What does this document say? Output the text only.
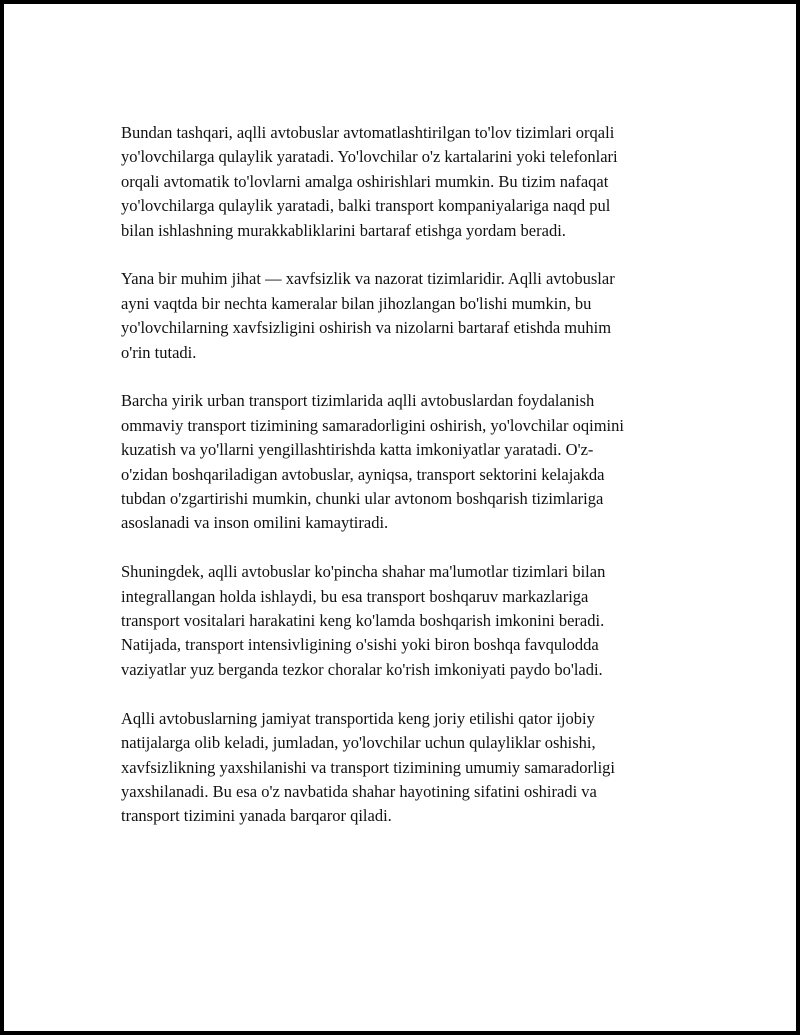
Bundan tashqari, aqlli avtobuslar avtomatlashtirilgan to'lov tizimlari orqali
yo'lovchilarga qulaylik yaratadi. Yo'lovchilar o'z kartalarini yoki telefonlari
orqali avtomatik to'lovlarni amalga oshirishlari mumkin. Bu tizim nafaqat
yo'lovchilarga qulaylik yaratadi, balki transport kompaniyalariga naqd pul
bilan ishlashning murakkabliklarini bartaraf etishga yordam beradi.

Yana bir muhim jihat — xavfsizlik va nazorat tizimlaridir. Aqlli avtobuslar
ayni vaqtda bir nechta kameralar bilan jihozlangan bo'lishi mumkin, bu
yo'lovchilarning xavfsizligini oshirish va nizolarni bartaraf etishda muhim
o'rin tutadi.

Barcha yirik urban transport tizimlarida aqlli avtobuslardan foydalanish
ommaviy transport tizimining samaradorligini oshirish, yo'lovchilar oqimini
kuzatish va yo'llarni yengillashtirishda katta imkoniyatlar yaratadi. O'z-
o'zidan boshqariladigan avtobuslar, ayniqsa, transport sektorini kelajakda
tubdan o'zgartirishi mumkin, chunki ular avtonom boshqarish tizimlariga
asoslanadi va inson omilini kamaytiradi.

Shuningdek, aqlli avtobuslar ko'pincha shahar ma'lumotlar tizimlari bilan
integrallangan holda ishlaydi, bu esa transport boshqaruv markazlariga
transport vositalari harakatini keng ko'lamda boshqarish imkonini beradi.
Natijada, transport intensivligining o'sishi yoki biron boshqa favqulodda
vaziyatlar yuz berganda tezkor choralar ko'rish imkoniyati paydo bo'ladi.

Aqlli avtobuslarning jamiyat transportida keng joriy etilishi qator ijobiy
natijalarga olib keladi, jumladan, yo'lovchilar uchun qulayliklar oshishi,
xavfsizlikning yaxshilanishi va transport tizimining umumiy samaradorligi
yaxshilanadi. Bu esa o'z navbatida shahar hayotining sifatini oshiradi va
transport tizimini yanada barqaror qiladi.
